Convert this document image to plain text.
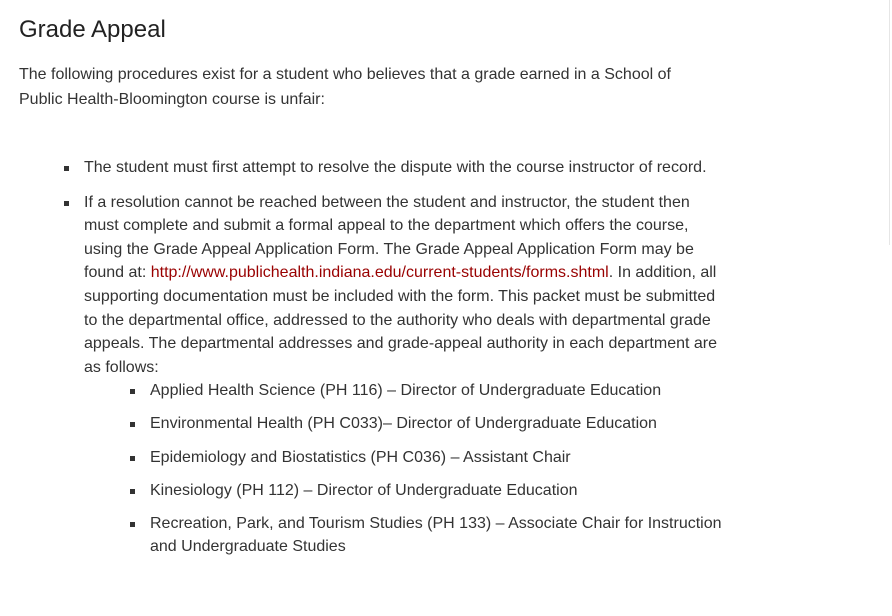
Grade Appeal

The following procedures exist for a student who believes that a grade earned in a School of
Public Health-Bloomington course is unfair:

The student must first attempt to resolve the dispute with the course instructor of record.
If a resolution cannot be reached between the student and instructor, the student then
must complete and submit a formal appeal to the department which offers the course,
using the Grade Appeal Application Form. The Grade Appeal Application Form may be
found at: http://www.publichealth.indiana.edu/current-students/forms.shtml. In addition, all
supporting documentation must be included with the form. This packet must be submitted
to the departmental office, addressed to the authority who deals with departmental grade
appeals. The departmental addresses and grade-appeal authority in each department are
as follows:
Applied Health Science (PH 116) – Director of Undergraduate Education
Environmental Health (PH C033)– Director of Undergraduate Education
Epidemiology and Biostatistics (PH C036) – Assistant Chair
Kinesiology (PH 112) – Director of Undergraduate Education
Recreation, Park, and Tourism Studies (PH 133) – Associate Chair for Instruction
and Undergraduate Studies
